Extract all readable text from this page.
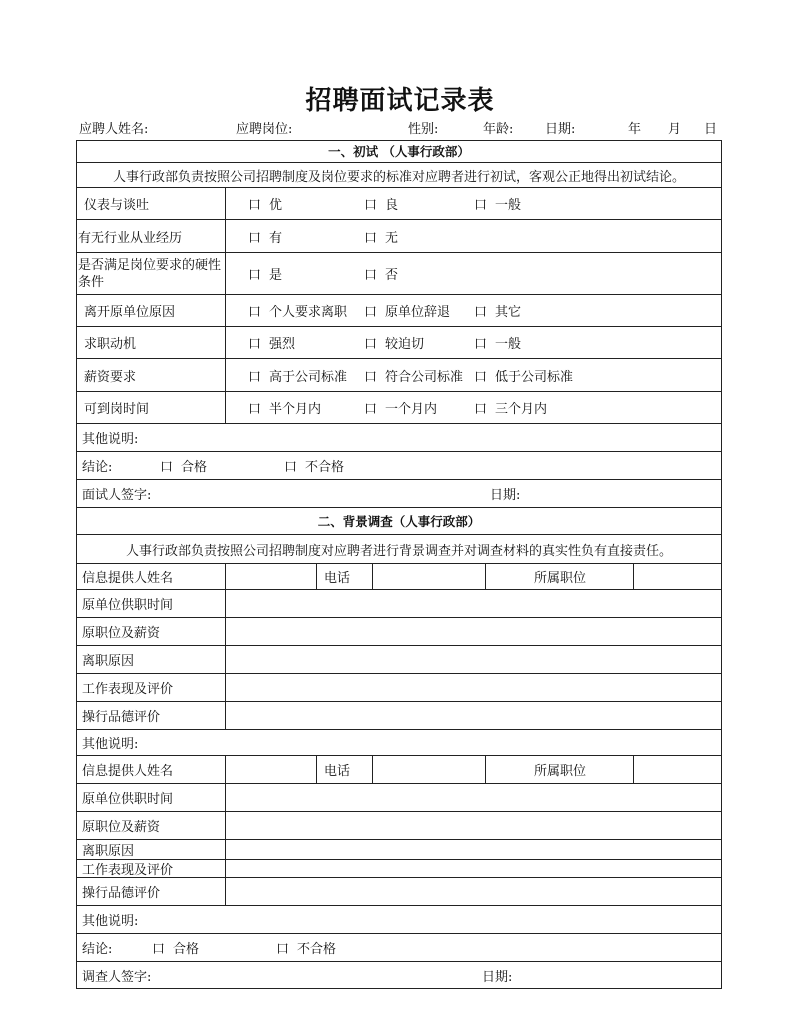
招聘面试记录表
应聘人姓名:	应聘岗位:	性别:	年龄: 日期:	年 月 日
一、初试 （人事行政部）
人事行政部负责按照公司招聘制度及岗位要求的标准对应聘者进行初试，客观公正地得出初试结论。
仪表与谈吐	口 优	口 良	口 一般
有无行业从业经历	口 有	口 无
是否满足岗位要求的硬性条件	口 是	口 否
离开原单位原因	口 个人要求离职 口 原单位辞退 口 其它
求职动机	口 强烈	口 较迫切	口 一般
薪资要求	口 高于公司标准 口 符合公司标准 口 低于公司标准
可到岗时间	口 半个月内	口 一个月内	口 三个月内
其他说明:
结论:	口 合格	口 不合格
面试人签字:	日期:
二、背景调查（人事行政部）
人事行政部负责按照公司招聘制度对应聘者进行背景调查并对调查材料的真实性负有直接责任。
信息提供人姓名	电话	所属职位
原单位供职时间
原职位及薪资
离职原因
工作表现及评价
操行品德评价
其他说明:
信息提供人姓名	电话	所属职位
原单位供职时间
原职位及薪资
离职原因
工作表现及评价
操行品德评价
其他说明:
结论:	口 合格	口 不合格
调查人签字:	日期:
